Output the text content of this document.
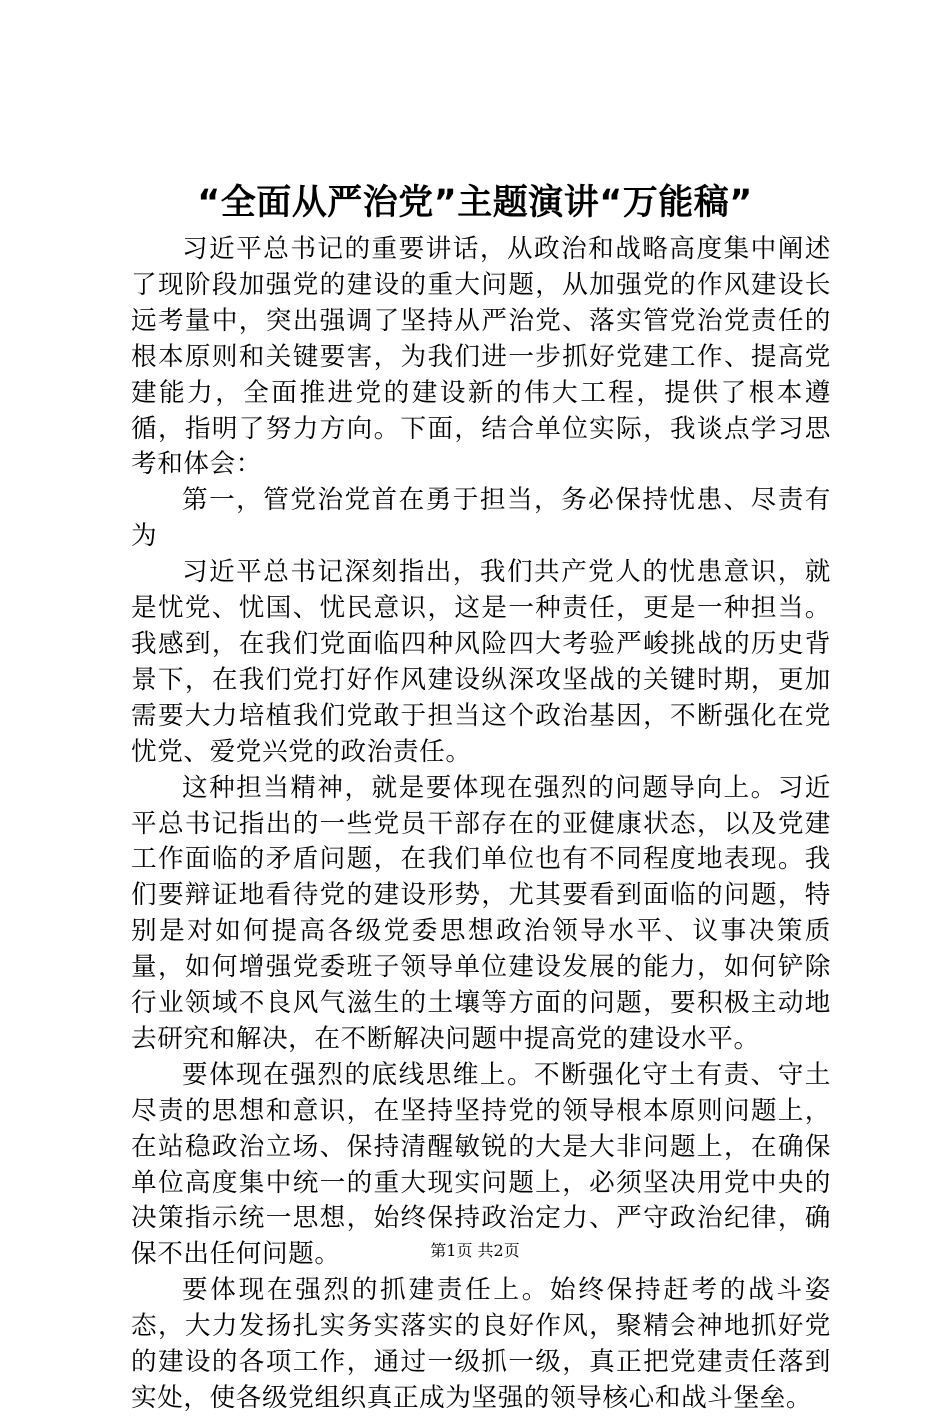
“全面从严治党”主题演讲“万能稿”

习近平总书记的重要讲话，从政治和战略高度集中阐述了现阶段加强党的建设的重大问题，从加强党的作风建设长远考量中，突出强调了坚持从严治党、落实管党治党责任的根本原则和关键要害，为我们进一步抓好党建工作、提高党建能力，全面推进党的建设新的伟大工程，提供了根本遵循，指明了努力方向。下面，结合单位实际，我谈点学习思考和体会：

第一，管党治党首在勇于担当，务必保持忧患、尽责有为

习近平总书记深刻指出，我们共产党人的忧患意识，就是忧党、忧国、忧民意识，这是一种责任，更是一种担当。我感到，在我们党面临四种风险四大考验严峻挑战的历史背景下，在我们党打好作风建设纵深攻坚战的关键时期，更加需要大力培植我们党敢于担当这个政治基因，不断强化在党忧党、爱党兴党的政治责任。

这种担当精神，就是要体现在强烈的问题导向上。习近平总书记指出的一些党员干部存在的亚健康状态，以及党建工作面临的矛盾问题，在我们单位也有不同程度地表现。我们要辩证地看待党的建设形势，尤其要看到面临的问题，特别是对如何提高各级党委思想政治领导水平、议事决策质量，如何增强党委班子领导单位建设发展的能力，如何铲除行业领域不良风气滋生的土壤等方面的问题，要积极主动地去研究和解决，在不断解决问题中提高党的建设水平。

要体现在强烈的底线思维上。不断强化守土有责、守土尽责的思想和意识，在坚持坚持党的领导根本原则问题上，在站稳政治立场、保持清醒敏锐的大是大非问题上，在确保单位高度集中统一的重大现实问题上，必须坚决用党中央的决策指示统一思想，始终保持政治定力、严守政治纪律，确保不出任何问题。

要体现在强烈的抓建责任上。始终保持赶考的战斗姿态，大力发扬扎实务实落实的良好作风，聚精会神地抓好党的建设的各项工作，通过一级抓一级，真正把党建责任落到实处，使各级党组织真正成为坚强的领导核心和战斗堡垒。

第1页 共2页
